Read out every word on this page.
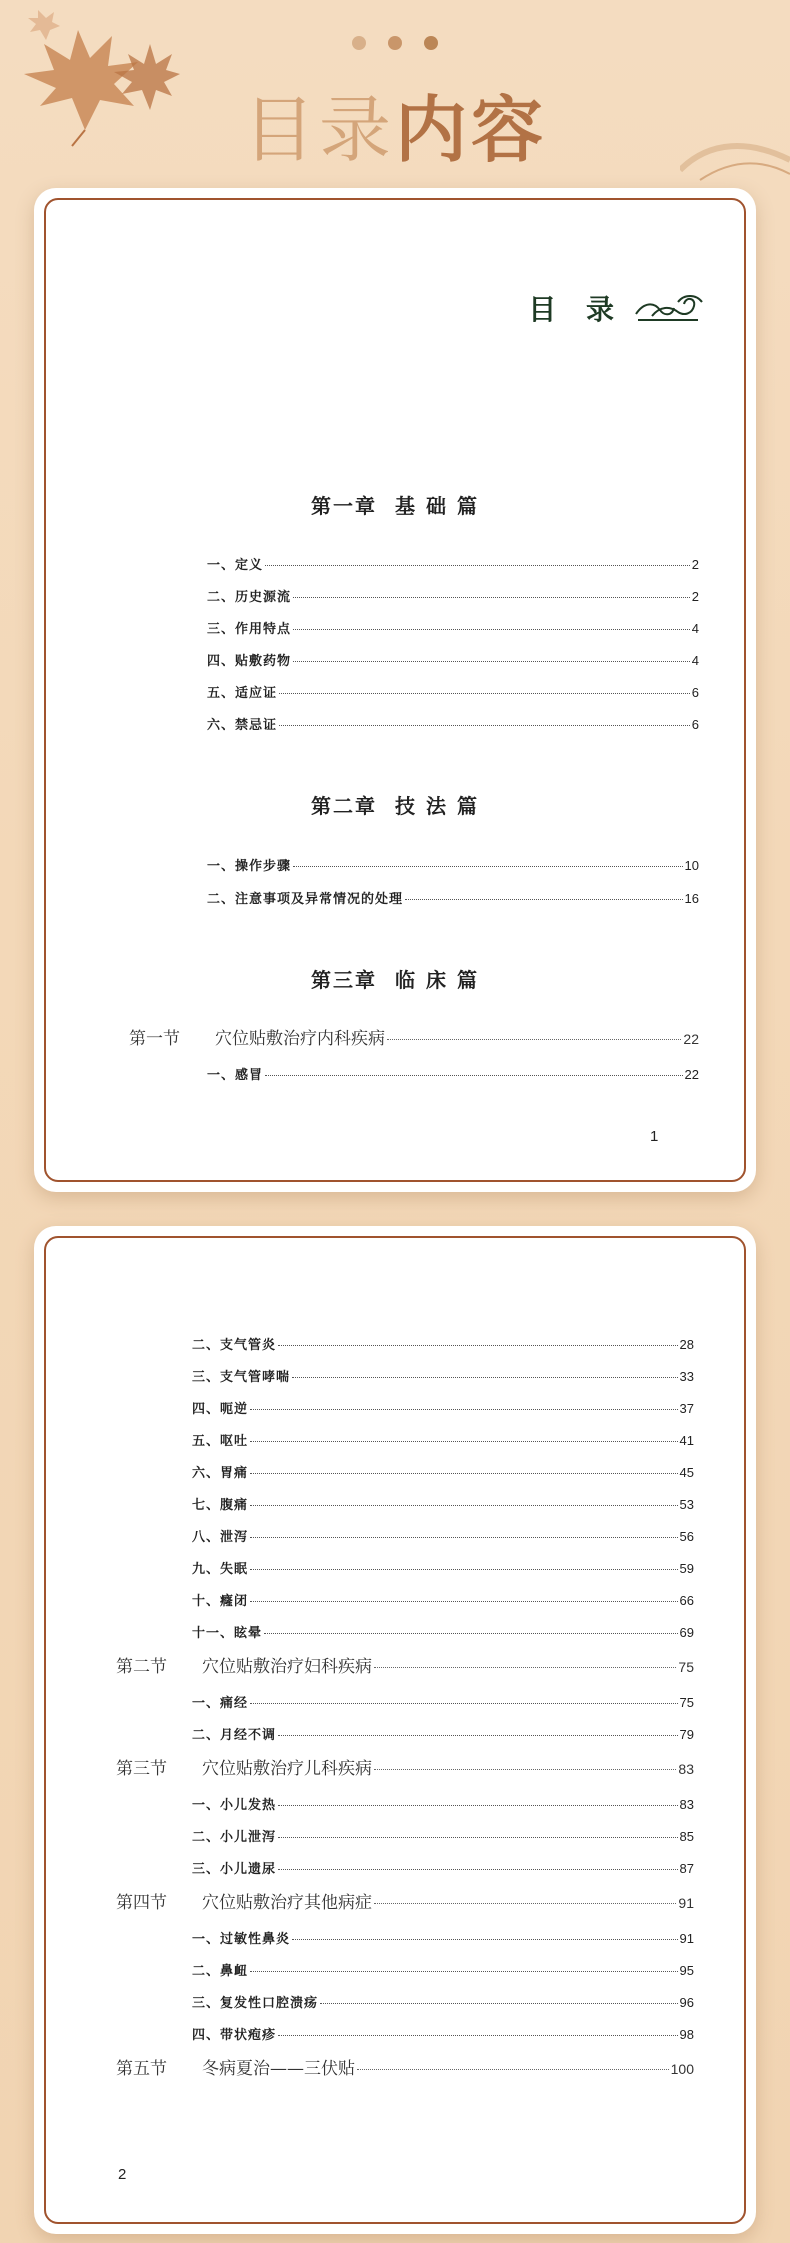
目录内容
目 录
第一章 基 础 篇
一、定义	2
二、历史源流	2
三、作用特点	4
四、贴敷药物	4
五、适应证	6
六、禁忌证	6
第二章 技 法 篇
一、操作步骤	10
二、注意事项及异常情况的处理	16
第三章 临 床 篇
第一节	穴位贴敷治疗内科疾病	22
一、感冒	22
1
二、支气管炎	28
三、支气管哮喘	33
四、呃逆	37
五、呕吐	41
六、胃痛	45
七、腹痛	53
八、泄泻	56
九、失眠	59
十、癃闭	66
十一、眩晕	69
第二节	穴位贴敷治疗妇科疾病	75
一、痛经	75
二、月经不调	79
第三节	穴位贴敷治疗儿科疾病	83
一、小儿发热	83
二、小儿泄泻	85
三、小儿遗尿	87
第四节	穴位贴敷治疗其他病症	91
一、过敏性鼻炎	91
二、鼻衄	95
三、复发性口腔溃疡	96
四、带状疱疹	98
第五节	冬病夏治——三伏贴	100
2
